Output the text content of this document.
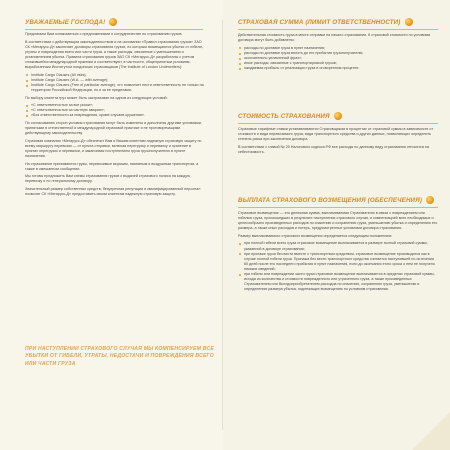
УВАЖАЕМЫЕ ГОСПОДА!

Предлагаем Вам ознакомиться с предложениями о сотрудничестве по страхованию грузов.

В соответствии с действующим законодательством и на основании «Правил страхования грузов» ЗАО СК «Мегарусс-Д» заключает договоры страхования грузов, по которым возмещаются убытки от гибели, утраты и повреждения всего или части груза, а также расходы, связанные с уменьшением и установлением убытка. Правила страхования грузов ЗАО СК «Мегарусс-Д» разработаны с учетом сложившейся международной практики и соответствуют, в частности, общепринятым условиям, выработанным Институтом лондонских страховщиков (The Institute of London Underwriters):

Institute Cargo Clauses (All risks);
Institute Cargo Clauses (W.A. — with average);
Institute Cargo Clauses (Free of particular average), что позволяет нести ответственность не только на территории Российской Федерации, но и за ее пределами.

По выбору клиента груз может быть застрахован на одном из следующих условий:

«С ответственностью за все риски»;
«С ответственностью за частную аварию»;
«Без ответственности за повреждения, кроме случаев крушения».

По согласованию сторон условия страхования могут быть изменены и дополнены другими условиями, принятыми в отечественной и международной страховой практике и не противоречащими действующему законодательству.

Страховая компания «Мегарусс-Д» обеспечит Вам и Вашим клиентам надежную страховую защиту по всему маршруту перевозки — от пункта отправки, включая перегрузку и перевалку и хранение в пунктах перегрузок и перевалки, и заканчивая поступлением груза грузополучателю в пункте назначения.

На страхование принимаются грузы, перевозимые морским, наземным и воздушным транспортом, а также в смешанном сообщении.

Мы готовы предложить Вам схемы страхования грузов с выдачей страхового полиса на каждую перевозку и по генеральному договору.

Значительный размер собственных средств, безупречная репутация и квалифицированный персонал позволят СК «Мегарусс-Д» предоставить своим клиентам надежную страховую защиту.

ПРИ НАСТУПЛЕНИИ СТРАХОВОГО СЛУЧАЯ МЫ КОМПЕНСИРУЕМ ВСЕ УБЫТКИ ОТ ГИБЕЛИ, УТРАТЫ, НЕДОСТАЧИ И ПОВРЕЖДЕНИЯ ВСЕГО ИЛИ ЧАСТИ ГРУЗА
СТРАХОВАЯ СУММА (ЛИМИТ ОТВЕТСТВЕННОСТИ)

Действительная стоимость груза в месте отправки на начало страхования. К страховой стоимости по условиям договора могут быть добавлены:

расходы по доставке груза в пункт назначения;
расходы по доставке груза вплоть до его прибытия грузополучателю;
окончательно уплаченный фрахт;
иные расходы, связанные с транспортировкой грузов;
ожидаемая прибыль от реализации груза в оговоренном проценте.
СТОИМОСТЬ СТРАХОВАНИЯ

Страховые тарифные ставки устанавливаются Страховщиком в процентах от страховой суммы в зависимости от стоимости и вида перевозимого груза, вида транспортного средства и других данных, позволяющих определить степень риска при заключении договора.

В соответствии с главой № 25 Налогового кодекса РФ все расходы по данному виду страхования относятся на себестоимость.

ВЫПЛАТА СТРАХОВОГО ВОЗМЕЩЕНИЯ (ОБЕСПЕЧЕНИЯ)

Страховое возмещение — это денежная сумма, выплачиваемая Страхователю в связи с повреждением или гибелью груза, произошедших в результате наступления страхового случая, и компенсацией всех необходимых и целесообразно произведенных расходов по спасению и сохранению груза, уменьшению убытка и определению его размера, а также иных расходов и потерь, предусмотренных условиями договора страхования.

Размер выплачиваемого страхового возмещения определяется следующим положением:

при полной гибели всего груза страховое возмещение выплачивается в размере полной страховой суммы, указанной в договоре страхования;
при пропаже груза без вести вместе с транспортным средством, страховое возмещение производится как в случае полной гибели груза. Пропажа без вести транспортного средства считается наступившей по истечении 60 дней после его последнего прибытия в пункт назначения, если до окончания этого срока о нем не получено никаких сведений;
при гибели или повреждении части груза страховое возмещение выплачивается в пределах страховой суммы, исходя из количества и стоимости поврежденного или утраченного груза, а также произведенных Страхователем или Выгодоприобретателем расходов по спасению, сохранению груза, уменьшению и определению размера убытка, подлежащих возмещению по условиям страхования.
